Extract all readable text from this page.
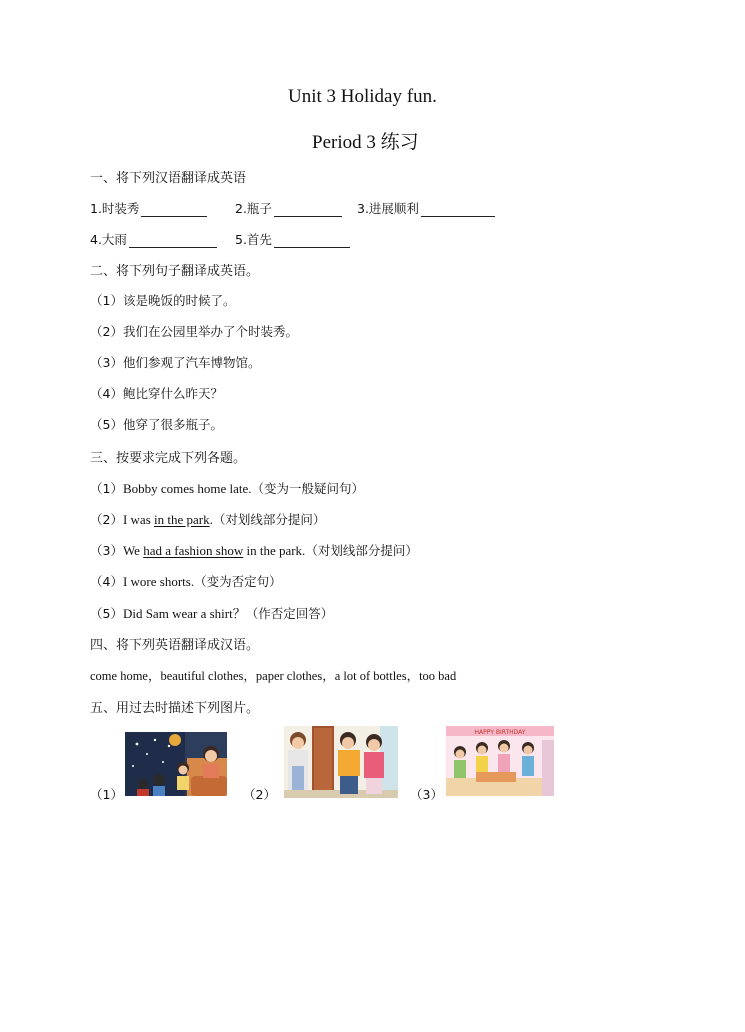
Unit 3 Holiday fun.
Period 3 练习
一、将下列汉语翻译成英语
1.时装秀	2.瓶子	3.进展顺利
4.大雨	5.首先
二、将下列句子翻译成英语。
（1）该是晚饭的时候了。
（2）我们在公园里举办了个时装秀。
（3）他们参观了汽车博物馆。
（4）鲍比穿什么昨天？
（5）他穿了很多瓶子。
三、按要求完成下列各题。
（1）Bobby comes home late.（变为一般疑问句）
（2）I was in the park.（对划线部分提问）
（3）We had a fashion show in the park.（对划线部分提问）
（4）I wore shorts.（变为否定句）
（5）Did Sam wear a shirt？（作否定回答）
四、将下列英语翻译成汉语。
come home，beautiful clothes，paper clothes，a lot of bottles，too bad
五、用过去时描述下列图片。
（1）	（2）	（3）
HAPPY BIRTHDAY
